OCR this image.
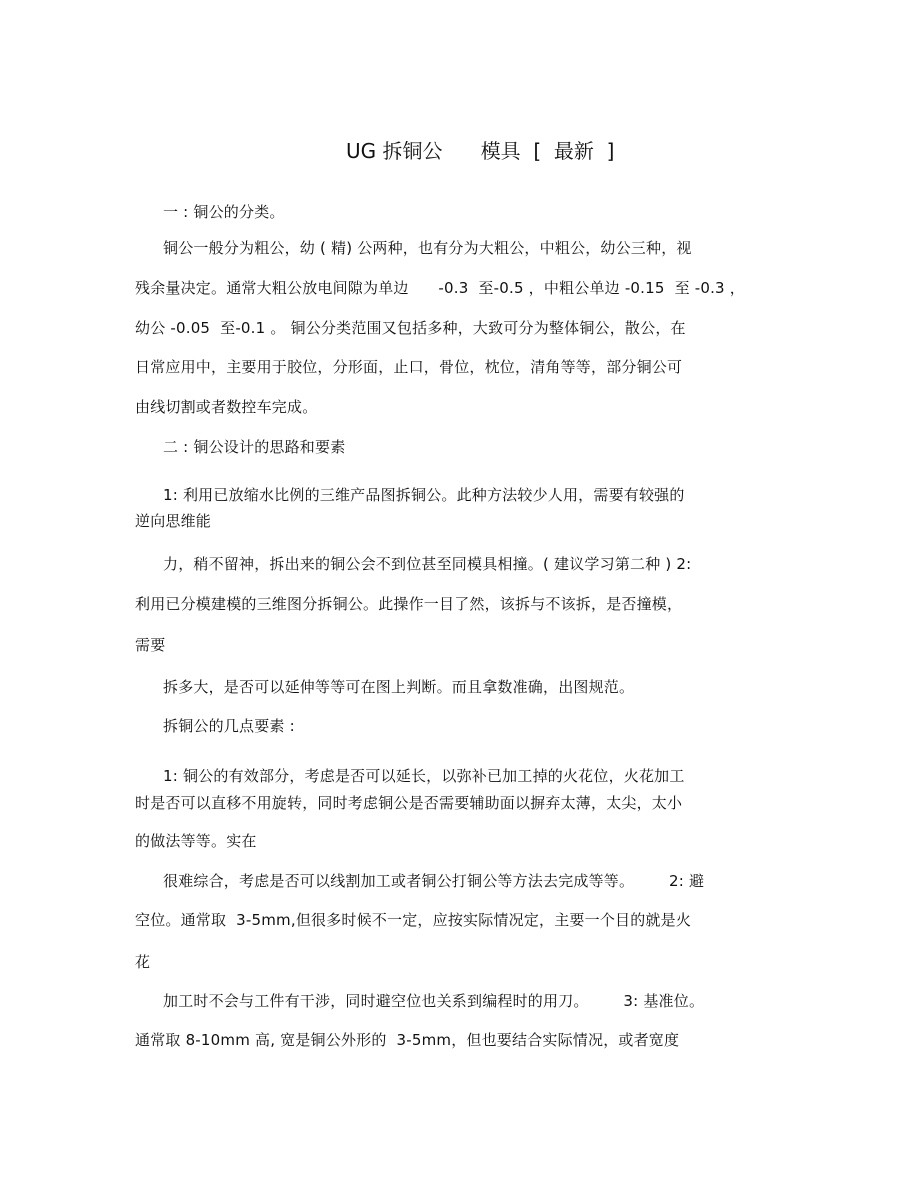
UG 拆铜公      模具  [  最新  ]
一 : 铜公的分类。
铜公一般分为粗公，幼 ( 精) 公两种，也有分为大粗公，中粗公，幼公三种，视
残余量决定。通常大粗公放电间隙为单边      -0.3  至-0.5 ，中粗公单边 -0.15  至 -0.3 ，
幼公 -0.05  至-0.1 。 铜公分类范围又包括多种，大致可分为整体铜公，散公，在
日常应用中，主要用于胶位，分形面，止口，骨位，枕位，清角等等，部分铜公可
由线切割或者数控车完成。
二 : 铜公设计的思路和要素
1: 利用已放缩水比例的三维产品图拆铜公。此种方法较少人用，需要有较强的
逆向思维能
力，稍不留神，拆出来的铜公会不到位甚至同模具相撞。( 建议学习第二种 ) 2:
利用已分模建模的三维图分拆铜公。此操作一目了然，该拆与不该拆，是否撞模，
需要
拆多大，是否可以延伸等等可在图上判断。而且拿数准确，出图规范。
拆铜公的几点要素 :
1: 铜公的有效部分，考虑是否可以延长，以弥补已加工掉的火花位，火花加工
时是否可以直移不用旋转，同时考虑铜公是否需要辅助面以摒弃太薄，太尖，太小
的做法等等。实在
很难综合，考虑是否可以线割加工或者铜公打铜公等方法去完成等等。       2: 避
空位。通常取  3-5mm,但很多时候不一定，应按实际情况定，主要一个目的就是火
花
加工时不会与工件有干涉，同时避空位也关系到编程时的用刀。       3: 基准位。
通常取 8-10mm 高, 宽是铜公外形的  3-5mm，但也要结合实际情况，或者宽度
